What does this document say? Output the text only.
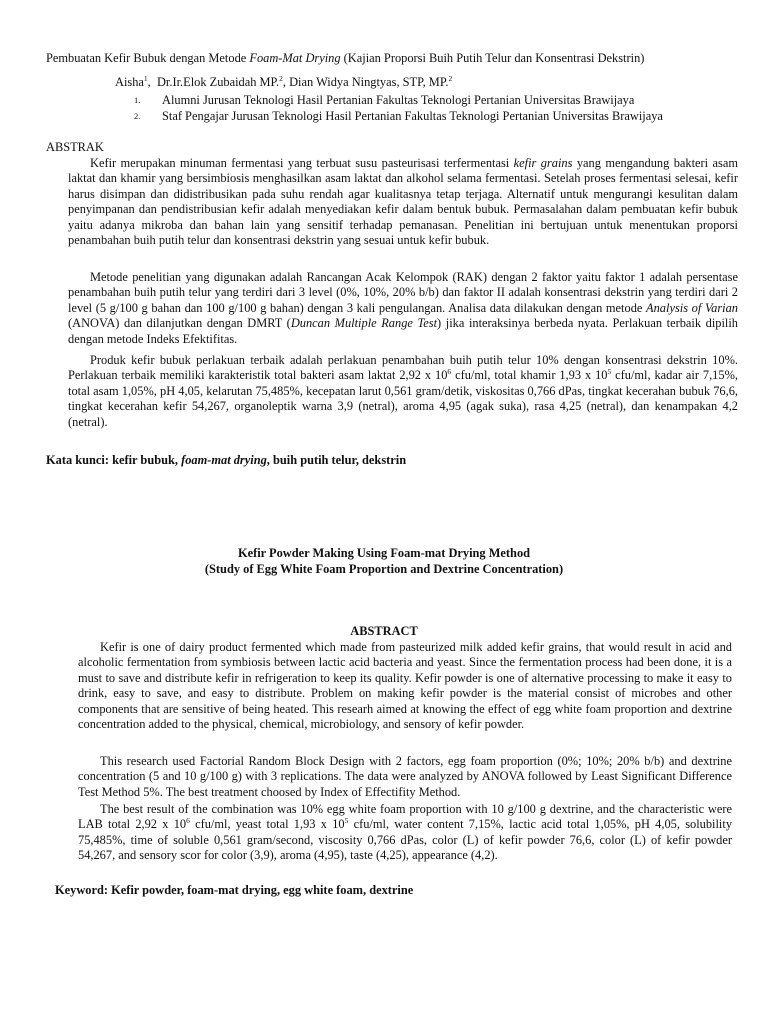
Pembuatan Kefir Bubuk dengan Metode Foam-Mat Drying (Kajian Proporsi Buih Putih Telur dan Konsentrasi Dekstrin)
Aisha$^1$,  Dr.Ir.Elok Zubaidah MP.$^2$, Dian Widya Ningtyas, STP, MP.$^2$
1. Alumni Jurusan Teknologi Hasil Pertanian Fakultas Teknologi Pertanian Universitas Brawijaya
2. Staf Pengajar Jurusan Teknologi Hasil Pertanian Fakultas Teknologi Pertanian Universitas Brawijaya
ABSTRAK
Kefir merupakan minuman fermentasi yang terbuat susu pasteurisasi terfermentasi kefir grains yang mengandung bakteri asam laktat dan khamir yang bersimbiosis menghasilkan asam laktat dan alkohol selama fermentasi. Setelah proses fermentasi selesai, kefir harus disimpan dan didistribusikan pada suhu rendah agar kualitasnya tetap terjaga. Alternatif untuk mengurangi kesulitan dalam penyimpanan dan pendistribusian kefir adalah menyediakan kefir dalam bentuk bubuk. Permasalahan dalam pembuatan kefir bubuk yaitu adanya mikroba dan bahan lain yang sensitif terhadap pemanasan. Penelitian ini bertujuan untuk menentukan proporsi penambahan buih putih telur dan konsentrasi dekstrin yang sesuai untuk kefir bubuk.
Metode penelitian yang digunakan adalah Rancangan Acak Kelompok (RAK) dengan 2 faktor yaitu faktor 1 adalah persentase penambahan buih putih telur yang terdiri dari 3 level (0%, 10%, 20% b/b) dan faktor II adalah konsentrasi dekstrin yang terdiri dari 2 level (5 g/100 g bahan dan 100 g/100 g bahan) dengan 3 kali pengulangan. Analisa data dilakukan dengan metode Analysis of Varian (ANOVA) dan dilanjutkan dengan DMRT (Duncan Multiple Range Test) jika interaksinya berbeda nyata. Perlakuan terbaik dipilih dengan metode Indeks Efektifitas.
Produk kefir bubuk perlakuan terbaik adalah perlakuan penambahan buih putih telur 10% dengan konsentrasi dekstrin 10%. Perlakuan terbaik memiliki karakteristik total bakteri asam laktat 2,92 x $10^6$ cfu/ml, total khamir 1,93 x $10^5$ cfu/ml, kadar air 7,15%, total asam 1,05%, pH 4,05, kelarutan 75,485%, kecepatan larut 0,561 gram/detik, viskositas 0,766 dPas, tingkat kecerahan bubuk 76,6, tingkat kecerahan kefir 54,267, organoleptik warna 3,9 (netral), aroma 4,95 (agak suka), rasa 4,25 (netral), dan kenampakan 4,2 (netral).
Kata kunci: kefir bubuk, foam-mat drying, buih putih telur, dekstrin
Kefir Powder Making Using Foam-mat Drying Method
(Study of Egg White Foam Proportion and Dextrine Concentration)
ABSTRACT
Kefir is one of dairy product fermented which made from pasteurized milk added kefir grains, that would result in acid and alcoholic fermentation from symbiosis between lactic acid bacteria and yeast. Since the fermentation process had been done, it is a must to save and distribute kefir in refrigeration to keep its quality. Kefir powder is one of alternative processing to make it easy to drink, easy to save, and easy to distribute. Problem on making kefir powder is the material consist of microbes and other components that are sensitive of being heated. This researh aimed at knowing the effect of egg white foam proportion and dextrine concentration added to the physical, chemical, microbiology, and sensory of kefir powder.
This research used Factorial Random Block Design with 2 factors, egg foam proportion (0%; 10%; 20% b/b) and dextrine concentration (5 and 10 g/100 g) with 3 replications. The data were analyzed by ANOVA followed by Least Significant Difference Test Method 5%. The best treatment choosed by Index of Effectifity Method.
The best result of the combination was 10% egg white foam proportion with 10 g/100 g dextrine, and the characteristic were LAB total 2,92 x $10^6$ cfu/ml, yeast total 1,93 x $10^5$ cfu/ml, water content 7,15%, lactic acid total 1,05%, pH 4,05, solubility 75,485%, time of soluble 0,561 gram/second, viscosity 0,766 dPas, color (L) of kefir powder 76,6, color (L) of kefir powder 54,267, and sensory scor for color (3,9), aroma (4,95), taste (4,25), appearance (4,2).
Keyword: Kefir powder, foam-mat drying, egg white foam, dextrine
